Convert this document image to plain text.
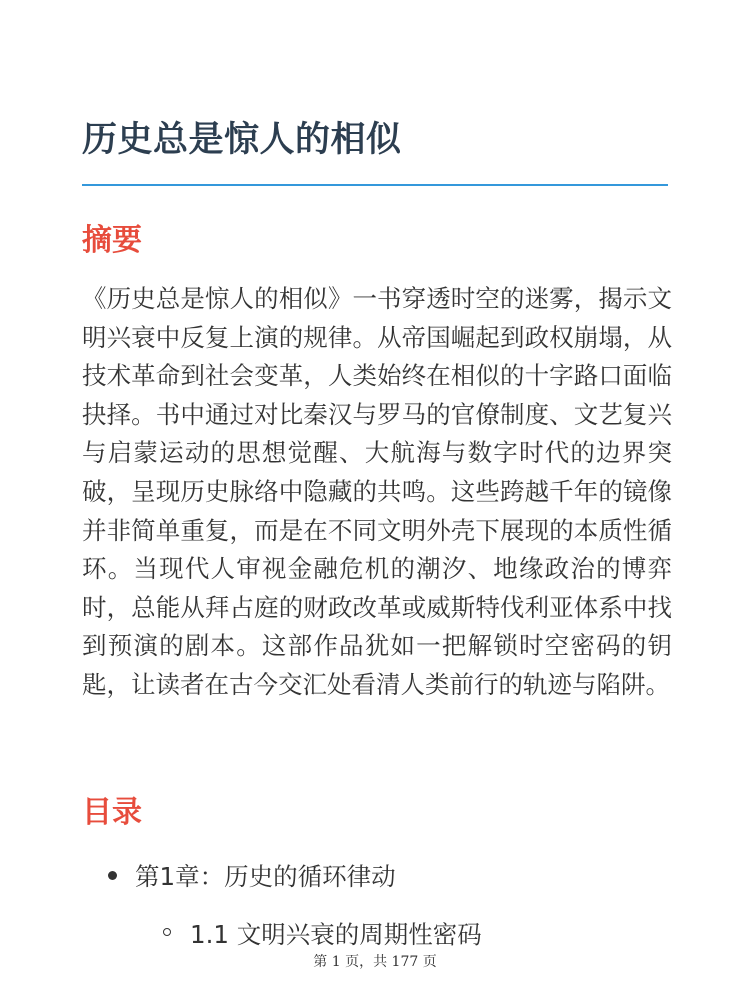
历史总是惊人的相似
摘要

《历史总是惊人的相似》一书穿透时空的迷雾，揭示文明兴衰中反复上演的规律。从帝国崛起到政权崩塌，从技术革命到社会变革，人类始终在相似的十字路口面临抉择。书中通过对比秦汉与罗马的官僚制度、文艺复兴与启蒙运动的思想觉醒、大航海与数字时代的边界突破，呈现历史脉络中隐藏的共鸣。这些跨越千年的镜像并非简单重复，而是在不同文明外壳下展现的本质性循环。当现代人审视金融危机的潮汐、地缘政治的博弈时，总能从拜占庭的财政改革或威斯特伐利亚体系中找到预演的剧本。这部作品犹如一把解锁时空密码的钥匙，让读者在古今交汇处看清人类前行的轨迹与陷阱。

目录
第1章：历史的循环律动
1.1 文明兴衰的周期性密码
第 1 页，共 177 页
